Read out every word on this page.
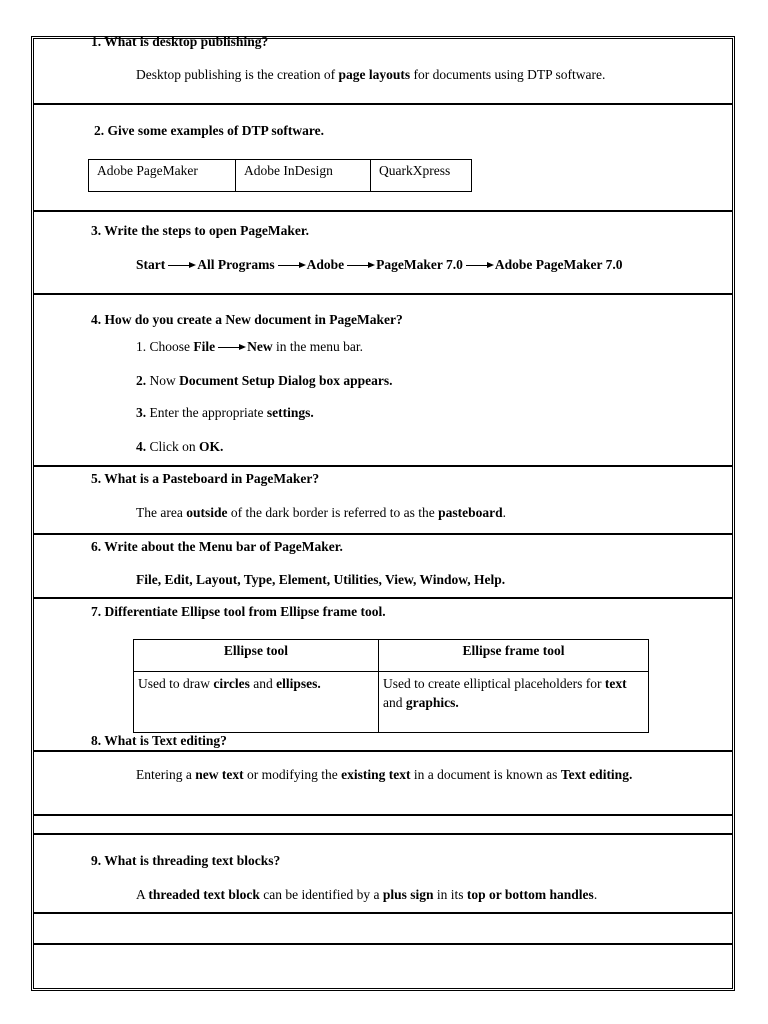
1. What is desktop publishing?
Desktop publishing is the creation of page layouts for documents using DTP software.
2. Give some examples of DTP software.
Adobe PageMaker	Adobe InDesign	QuarkXpress
3. Write the steps to open PageMaker.
Start All Programs Adobe PageMaker 7.0 Adobe PageMaker 7.0
4. How do you create a New document in PageMaker?
1. Choose File New in the menu bar.
2. Now Document Setup Dialog box appears.
3. Enter the appropriate settings.
4. Click on OK.
5. What is a Pasteboard in PageMaker?
The area outside of the dark border is referred to as the pasteboard.
6. Write about the Menu bar of PageMaker.
File, Edit, Layout, Type, Element, Utilities, View, Window, Help.
7. Differentiate Ellipse tool from Ellipse frame tool.
Ellipse tool	Ellipse frame tool
Used to draw circles and ellipses.	Used to create elliptical placeholders for text and graphics.
8. What is Text editing?
Entering a new text or modifying the existing text in a document is known as Text editing.
9. What is threading text blocks?
A threaded text block can be identified by a plus sign in its top or bottom handles.
